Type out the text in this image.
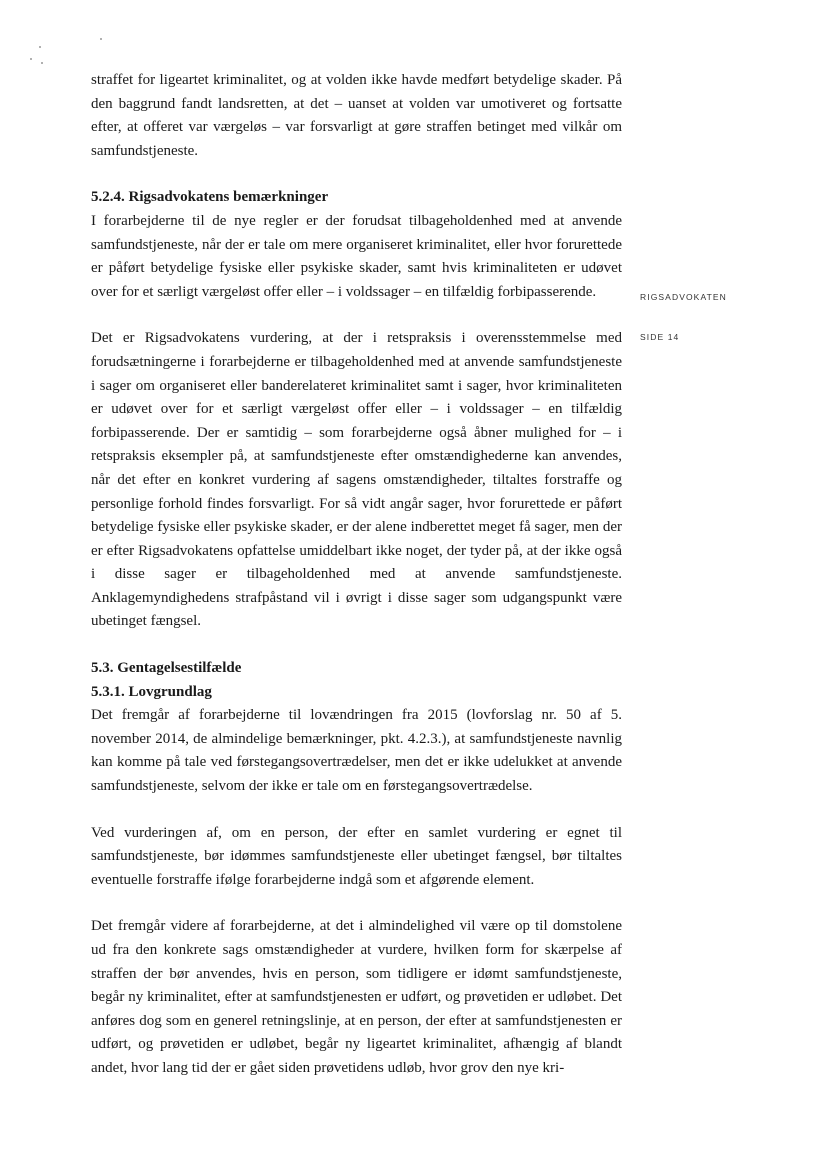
straffet for ligeartet kriminalitet, og at volden ikke havde medført betydelige skader. På den baggrund fandt landsretten, at det – uanset at volden var umotiveret og fortsatte efter, at offeret var værgeløs – var forsvarligt at gøre straffen betinget med vilkår om samfundstjeneste.

5.2.4. Rigsadvokatens bemærkninger

I forarbejderne til de nye regler er der forudsat tilbageholdenhed med at anvende samfundstjeneste, når der er tale om mere organiseret kriminalitet, eller hvor forurettede er påført betydelige fysiske eller psykiske skader, samt hvis kriminaliteten er udøvet over for et særligt værgeløst offer eller – i voldssager – en tilfældig forbipasserende.

Det er Rigsadvokatens vurdering, at der i retspraksis i overensstemmelse med forudsætningerne i forarbejderne er tilbageholdenhed med at anvende samfundstjeneste i sager om organiseret eller banderelateret kriminalitet samt i sager, hvor kriminaliteten er udøvet over for et særligt værgeløst offer eller – i voldssager – en tilfældig forbipasserende. Der er samtidig – som forarbejderne også åbner mulighed for – i retspraksis eksempler på, at samfundstjeneste efter omstændighederne kan anvendes, når det efter en konkret vurdering af sagens omstændigheder, tiltaltes forstraffe og personlige forhold findes forsvarligt. For så vidt angår sager, hvor forurettede er påført betydelige fysiske eller psykiske skader, er der alene indberettet meget få sager, men der er efter Rigsadvokatens opfattelse umiddelbart ikke noget, der tyder på, at der ikke også i disse sager er tilbageholdenhed med at anvende samfundstjeneste. Anklagemyndighedens strafpåstand vil i øvrigt i disse sager som udgangspunkt være ubetinget fængsel.

5.3. Gentagelsestilfælde
5.3.1. Lovgrundlag

Det fremgår af forarbejderne til lovændringen fra 2015 (lovforslag nr. 50 af 5. november 2014, de almindelige bemærkninger, pkt. 4.2.3.), at samfundstjeneste navnlig kan komme på tale ved førstegangsovertrædelser, men det er ikke udelukket at anvende samfundstjeneste, selvom der ikke er tale om en førstegangsovertrædelse.

Ved vurderingen af, om en person, der efter en samlet vurdering er egnet til samfundstjeneste, bør idømmes samfundstjeneste eller ubetinget fængsel, bør tiltaltes eventuelle forstraffe ifølge forarbejderne indgå som et afgørende element.

Det fremgår videre af forarbejderne, at det i almindelighed vil være op til domstolene ud fra den konkrete sags omstændigheder at vurdere, hvilken form for skærpelse af straffen der bør anvendes, hvis en person, som tidligere er idømt samfundstjeneste, begår ny kriminalitet, efter at samfundstjenesten er udført, og prøvetiden er udløbet. Det anføres dog som en generel retningslinje, at en person, der efter at samfundstjenesten er udført, og prøvetiden er udløbet, begår ny ligeartet kriminalitet, afhængig af blandt andet, hvor lang tid der er gået siden prøvetidens udløb, hvor grov den nye kri-

RIGSADVOKATEN
SIDE 14
